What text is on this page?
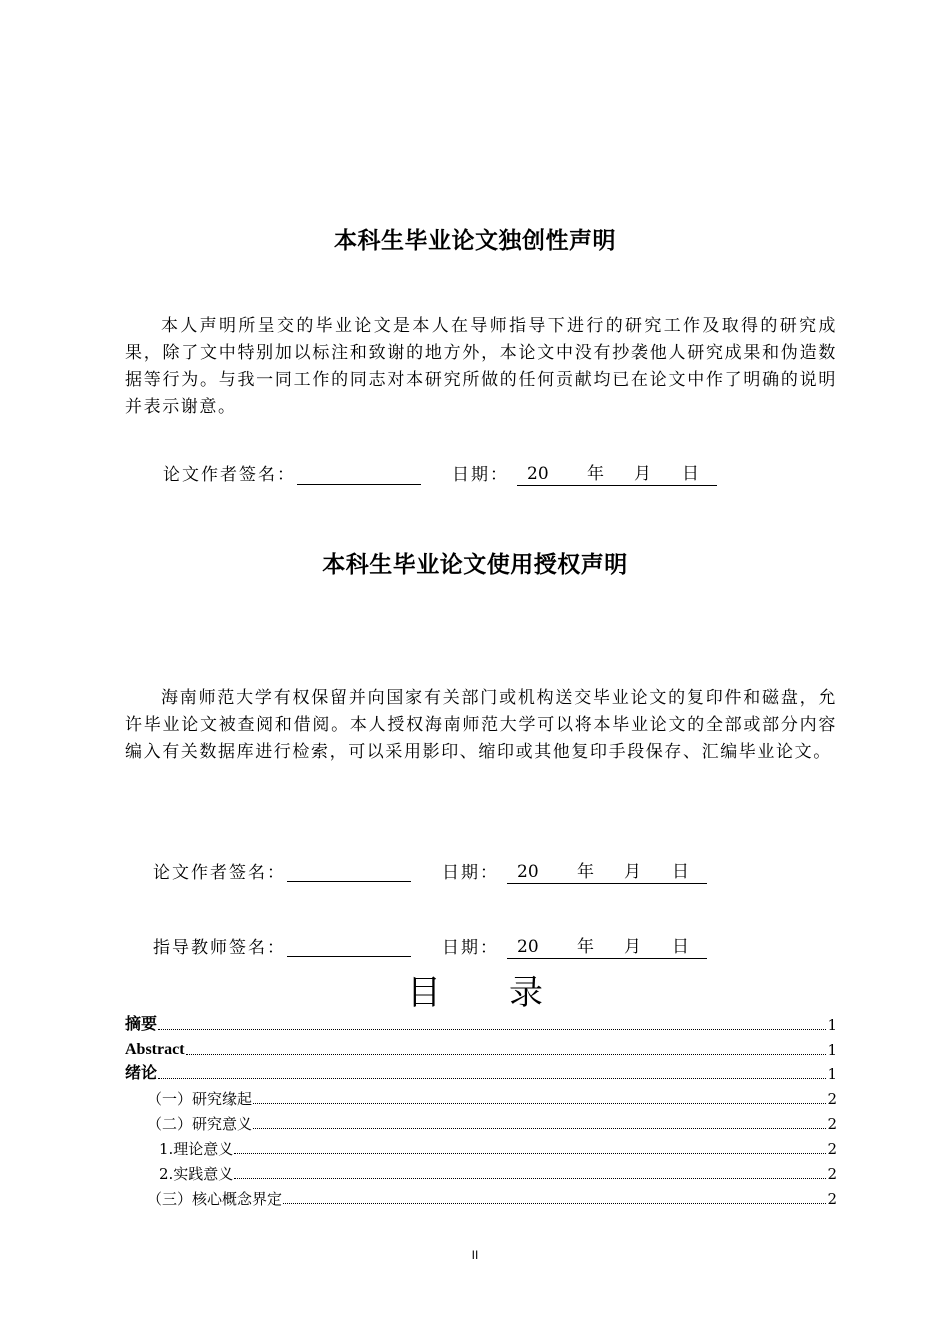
本科生毕业论文独创性声明

本人声明所呈交的毕业论文是本人在导师指导下进行的研究工作及取得的研究成果，除了文中特别加以标注和致谢的地方外，本论文中没有抄袭他人研究成果和伪造数据等行为。与我一同工作的同志对本研究所做的任何贡献均已在论文中作了明确的说明并表示谢意。

论文作者签名：	日期： 20 年 月 日
本科生毕业论文使用授权声明

海南师范大学有权保留并向国家有关部门或机构送交毕业论文的复印件和磁盘，允许毕业论文被查阅和借阅。本人授权海南师范大学可以将本毕业论文的全部或部分内容编入有关数据库进行检索，可以采用影印、缩印或其他复印手段保存、汇编毕业论文。

论文作者签名：	日期： 20 年 月 日
指导教师签名：	日期： 20 年 月 日
目　　录
摘要	1
Abstract	1
绪论	1
（一）研究缘起	2
（二）研究意义	2
1.理论意义	2
2.实践意义	2
（三）核心概念界定	2
II
